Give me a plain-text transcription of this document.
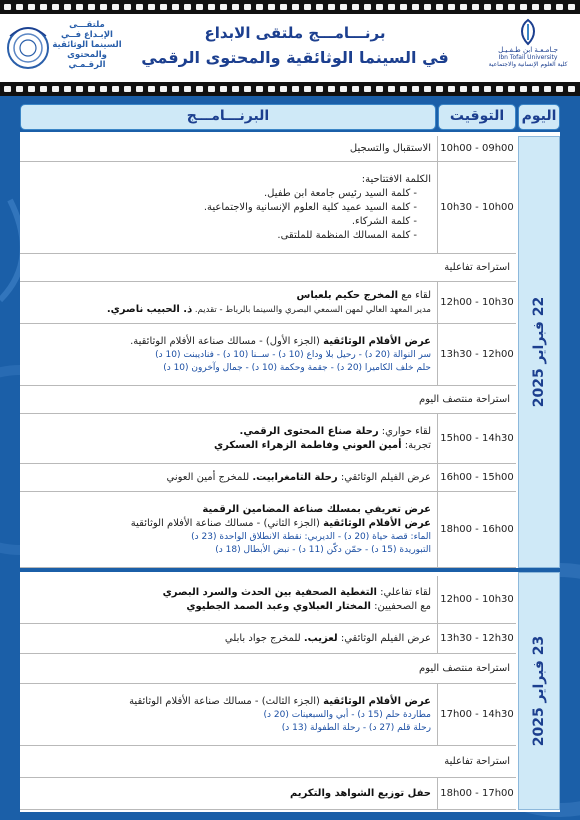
ملتقـــى
الإبـداع فــي
السينما الوثائقية
والمحتوى
الرقـمـي
برنـــامـــج ملتقى الابداع
في السينما الوثائقية والمحتوى الرقمي	جـامـعـة ابن طـفـيـل
Ibn Tofail University
كلية العلوم الإنسانية والاجتماعية
اليوم
التوقيت
البرنـــامـــج
22 فبراير 2025
10h00 - 09h00
الاستقبال والتسجيل
10h30 - 10h00
الكلمة الافتتاحية:
- كلمة السيد رئيس جامعة ابن طفيل.
- كلمة السيد عميد كلية العلوم الإنسانية والاجتماعية.
- كلمة الشركاء.
- كلمة المسالك المنظمة للملتقى.
استراحة تفاعلية
12h00 - 10h30
لقاء مع المخرج حكيم بلعباس
مدير المعهد العالي لمهن السمعي البصري والسينما بالرباط - تقديم. ذ. الحبيب ناصري.
13h30 - 12h00
عرض الأفلام الوثائقية (الجزء الأول) - مسالك صناعة الأفلام الوثائقية.
سر النوالة (20 د) - رحيل بلا وداع (10 د) - ســنا (10 د) - فناديبنت (10 د)
حلم خلف الكاميرا (20 د) - جقمة وحكمة (10 د) - جمال وآخرون (10 د)
استراحة منتصف اليوم
15h00 - 14h30
لقاء حواري: رحلة صناع المحتوى الرقمي.
تجربة: أمين العوني وفاطمة الزهراء العسكري
16h00 - 15h00
عرض الفيلم الوثائقي: رحلة التامغرابيت. للمخرج أمين العوني
18h00 - 16h00
عرض تعريفي بمسلك صناعة المضامين الرقمية
عرض الأفلام الوثائقية (الجزء الثاني) - مسالك صناعة الأفلام الوثائقية
الماء: قصة حياة (20 د) - الديربي: نقطة الانطلاق الواحدة (23 د)
التبوريدة (15 د) - حمّن دكّن (11 د) - نبض الأبطال (18 د)
23 فبراير 2025
12h00 - 10h30
لقاء تفاعلي: التغطية الصحفية بين الحدث والسرد البصري
مع الصحفيين: المختار العبلاوي وعبد الصمد الجطيوي
13h30 - 12h30
عرض الفيلم الوثائقي: لعزيب. للمخرج جواد بابلي
استراحة منتصف اليوم
17h00 - 14h30
عرض الأفلام الوثائقية (الجزء الثالث) - مسالك صناعة الأفلام الوثائقية
مطاردة حلم (15 د) - أبي والسبعينات (20 د)
رحلة قلم (27 د) - رحلة الطفولة (13 د)
استراحة تفاعلية
18h00 - 17h00
حفل توزيع الشواهد والتكريم
